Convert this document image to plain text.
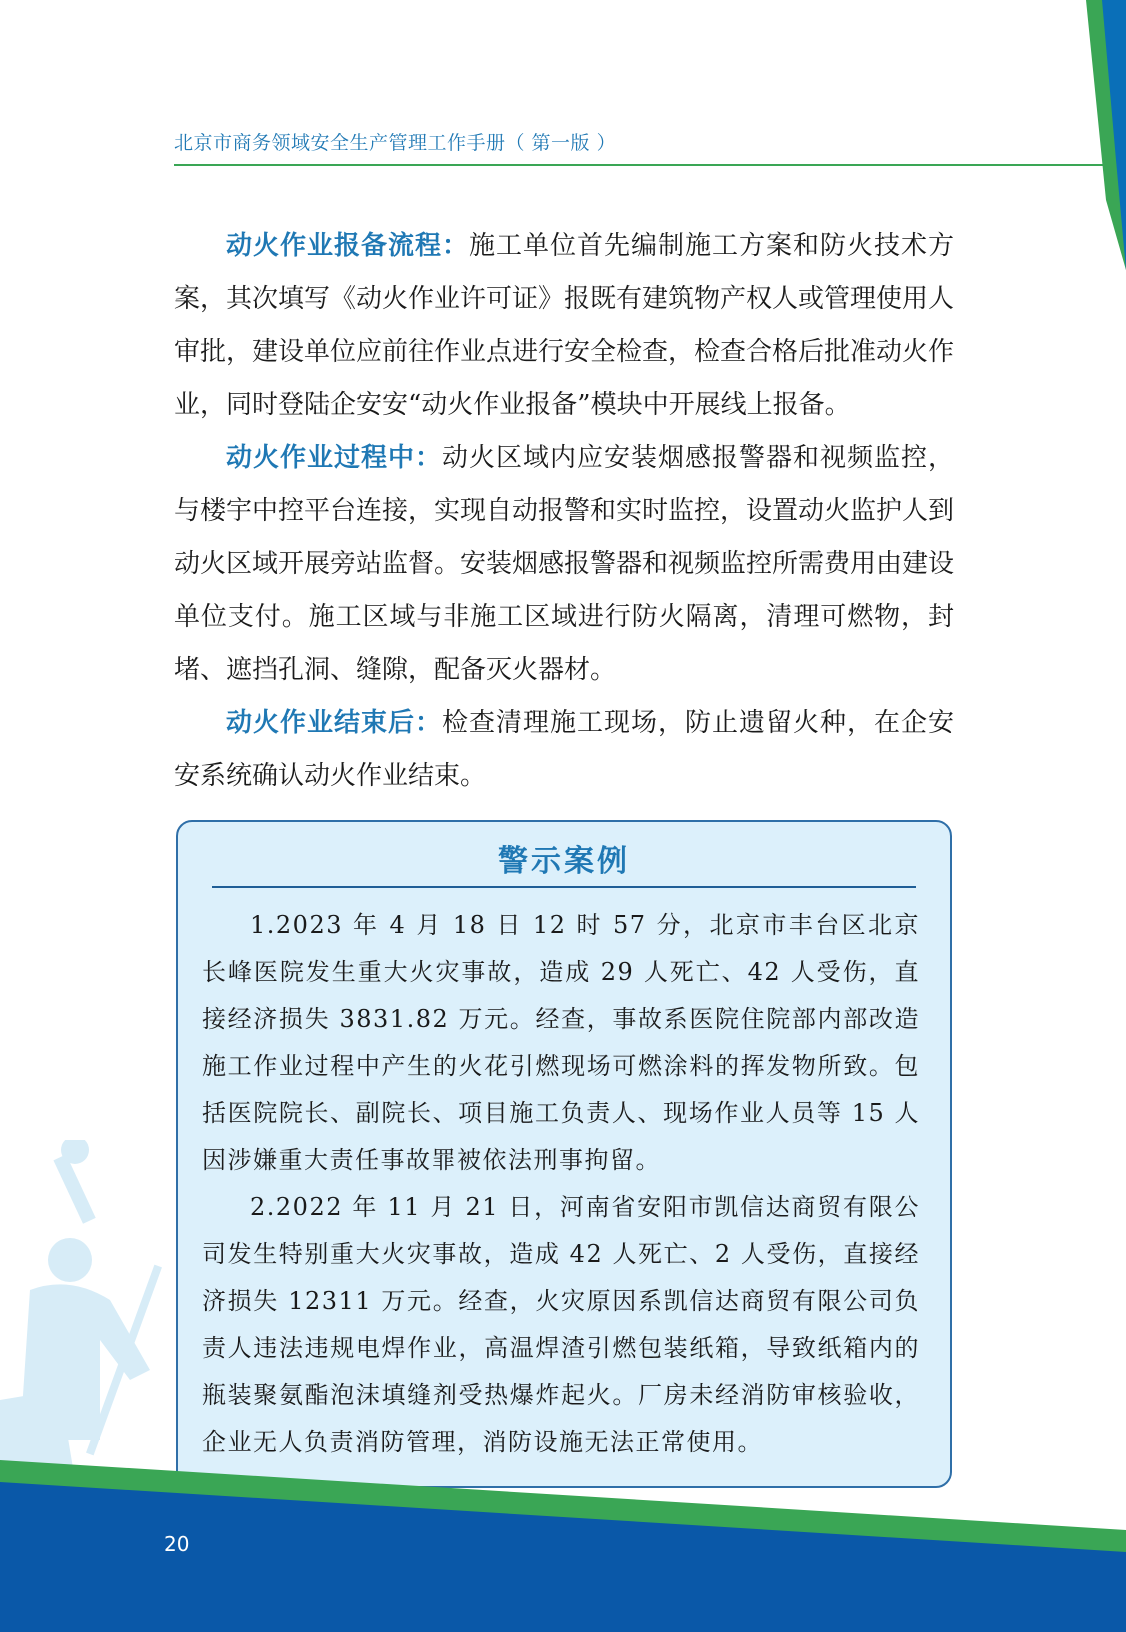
北京市商务领域安全生产管理工作手册（ 第一版 ）

动火作业报备流程：施工单位首先编制施工方案和防火技术方案，其次填写《动火作业许可证》报既有建筑物产权人或管理使用人审批，建设单位应前往作业点进行安全检查，检查合格后批准动火作业，同时登陆企安安“动火作业报备”模块中开展线上报备。

动火作业过程中：动火区域内应安装烟感报警器和视频监控，与楼宇中控平台连接，实现自动报警和实时监控，设置动火监护人到动火区域开展旁站监督。安装烟感报警器和视频监控所需费用由建设单位支付。施工区域与非施工区域进行防火隔离，清理可燃物，封堵、遮挡孔洞、缝隙，配备灭火器材。

动火作业结束后：检查清理施工现场，防止遗留火种，在企安安系统确认动火作业结束。

警示案例

1.2023 年 4 月 18 日 12 时 57 分，北京市丰台区北京长峰医院发生重大火灾事故，造成 29 人死亡、42 人受伤，直接经济损失 3831.82 万元。经查，事故系医院住院部内部改造施工作业过程中产生的火花引燃现场可燃涂料的挥发物所致。包括医院院长、副院长、项目施工负责人、现场作业人员等 15 人因涉嫌重大责任事故罪被依法刑事拘留。

2.2022 年 11 月 21 日，河南省安阳市凯信达商贸有限公司发生特别重大火灾事故，造成 42 人死亡、2 人受伤，直接经济损失 12311 万元。经查，火灾原因系凯信达商贸有限公司负责人违法违规电焊作业，高温焊渣引燃包装纸箱，导致纸箱内的瓶装聚氨酯泡沫填缝剂受热爆炸起火。厂房未经消防审核验收，企业无人负责消防管理，消防设施无法正常使用。

20
